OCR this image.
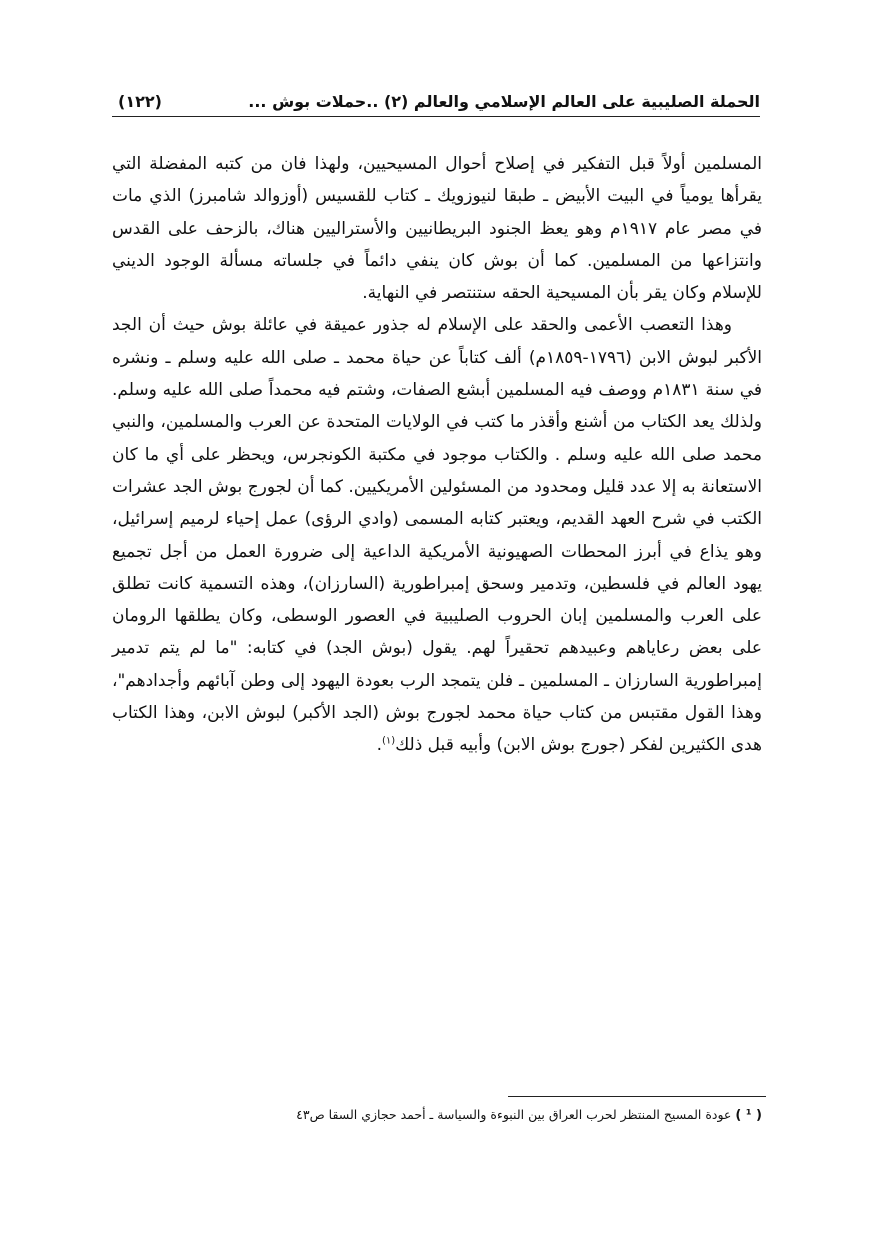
الحملة الصليبية على العالم الإسلامي والعالم (٢) ..حملات بوش ...
(١٢٢)

المسلمين أولاً قبل التفكير في إصلاح أحوال المسيحيين، ولهذا فان من كتبه المفضلة التي يقرأها يومياً في البيت الأبيض ـ طبقا لنيوزويك ـ كتاب للقسيس (أوزوالد شامبرز) الذي مات في مصر عام ١٩١٧م وهو يعظ الجنود البريطانيين والأستراليين هناك، بالزحف على القدس وانتزاعها من المسلمين. كما أن بوش كان ينفي دائماً في جلساته مسألة الوجود الديني للإسلام وكان يقر بأن المسيحية الحقه ستنتصر في النهاية.

وهذا التعصب الأعمى والحقد على الإسلام له جذور عميقة في عائلة بوش حيث أن الجد الأكبر لبوش الابن (١٧٩٦-١٨٥٩م) ألف كتاباً عن حياة محمد ـ صلى الله عليه وسلم ـ ونشره في سنة ١٨٣١م ووصف فيه المسلمين أبشع الصفات، وشتم فيه محمداً صلى الله عليه وسلم. ولذلك يعد الكتاب من أشنع وأقذر ما كتب في الولايات المتحدة عن العرب والمسلمين، والنبي محمد صلى الله عليه وسلم . والكتاب موجود في مكتبة الكونجرس، ويحظر على أي ما كان الاستعانة به إلا عدد قليل ومحدود من المسئولين الأمريكيين. كما أن لجورج بوش الجد عشرات الكتب في شرح العهد القديم، ويعتبر كتابه المسمى (وادي الرؤى) عمل إحياء لرميم إسرائيل، وهو يذاع في أبرز المحطات الصهيونية الأمريكية الداعية إلى ضرورة العمل من أجل تجميع يهود العالم في فلسطين، وتدمير وسحق إمبراطورية (السارزان)، وهذه التسمية كانت تطلق على العرب والمسلمين إبان الحروب الصليبية في العصور الوسطى، وكان يطلقها الرومان على بعض رعاياهم وعبيدهم تحقيراً لهم. يقول (بوش الجد) في كتابه: "ما لم يتم تدمير إمبراطورية السارزان ـ المسلمين ـ فلن يتمجد الرب بعودة اليهود إلى وطن آبائهم وأجدادهم"، وهذا القول مقتبس من كتاب حياة محمد لجورج بوش (الجد الأكبر) لبوش الابن، وهذا الكتاب هدى الكثيرين لفكر (جورج بوش الابن) وأبيه قبل ذلك$^{(١)}$.

( ¹ ) عودة المسيح المنتظر لحرب العراق بين النبوءة والسياسة ـ أحمد حجازي السقا ص٤٣
